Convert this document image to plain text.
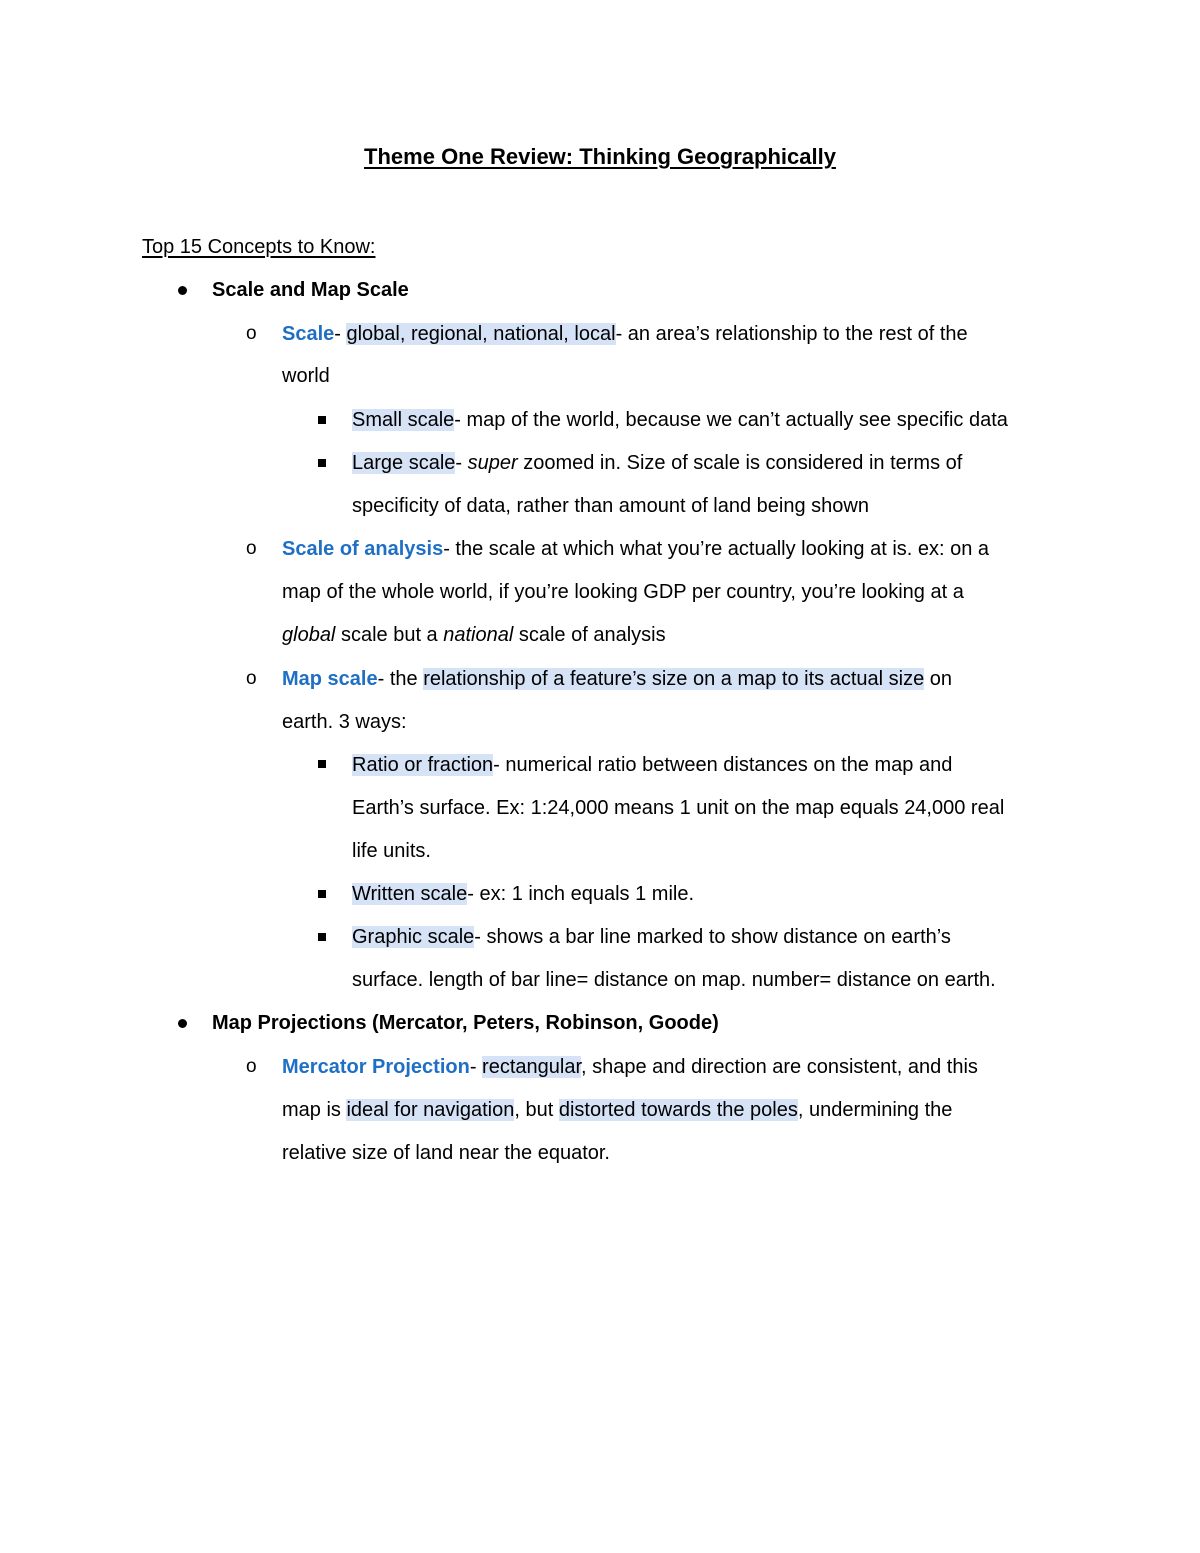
Theme One Review: Thinking Geographically
Top 15 Concepts to Know:
Scale and Map Scale
o Scale- global, regional, national, local- an area’s relationship to the rest of the
world
Small scale- map of the world, because we can’t actually see specific data
Large scale- super zoomed in. Size of scale is considered in terms of
specificity of data, rather than amount of land being shown
o Scale of analysis- the scale at which what you’re actually looking at is. ex: on a
map of the whole world, if you’re looking GDP per country, you’re looking at a
global scale but a national scale of analysis
o Map scale- the relationship of a feature’s size on a map to its actual size on
earth. 3 ways:
Ratio or fraction- numerical ratio between distances on the map and
Earth’s surface. Ex: 1:24,000 means 1 unit on the map equals 24,000 real
life units.
Written scale- ex: 1 inch equals 1 mile.
Graphic scale- shows a bar line marked to show distance on earth’s
surface. length of bar line= distance on map. number= distance on earth.
Map Projections (Mercator, Peters, Robinson, Goode)
o Mercator Projection- rectangular, shape and direction are consistent, and this
map is ideal for navigation, but distorted towards the poles, undermining the
relative size of land near the equator.
